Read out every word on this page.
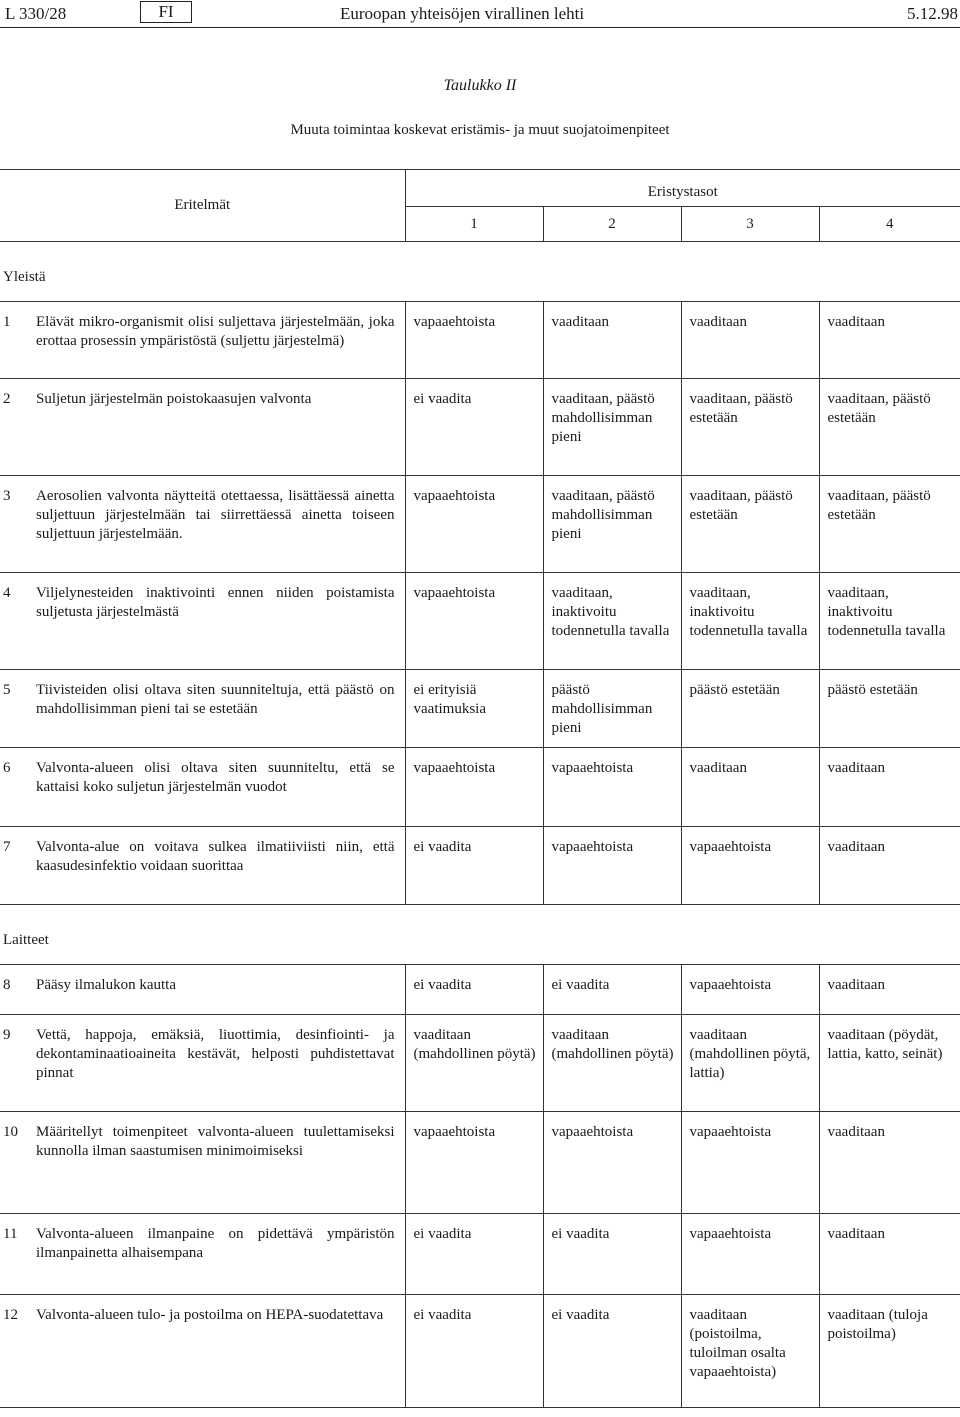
L 330/28	FI	Euroopan yhteisöjen virallinen lehti	5.12.98
Taulukko II
Muuta toimintaa koskevat eristämis- ja muut suojatoimenpiteet
Eritelmät		Eristystasot			
		1	2	3	4
Yleistä					
1	Elävät mikro-organismit olisi suljettava järjestelmään, joka erottaa prosessin ympäristöstä (suljettu järjestelmä)	vapaaehtoista	vaaditaan	vaaditaan	vaaditaan
2	Suljetun järjestelmän poistokaasujen valvonta	ei vaadita	vaaditaan, päästö mahdollisimman pieni	vaaditaan, päästö estetään	vaaditaan, päästö estetään
3	Aerosolien valvonta näytteitä otettaessa, lisättäessä ainetta suljettuun järjestelmään tai siirrettäessä ainetta toiseen suljettuun järjestelmään.	vapaaehtoista	vaaditaan, päästö mahdollisimman pieni	vaaditaan, päästö estetään	vaaditaan, päästö estetään
4	Viljelynesteiden inaktivointi ennen niiden poistamista suljetusta järjestelmästä	vapaaehtoista	vaaditaan, inaktivoitu todennetulla tavalla	vaaditaan, inaktivoitu todennetulla tavalla	vaaditaan, inaktivoitu todennetulla tavalla
5	Tiivisteiden olisi oltava siten suunniteltuja, että päästö on mahdollisimman pieni tai se estetään	ei erityisiä vaatimuksia	päästö mahdollisimman pieni	päästö estetään	päästö estetään
6	Valvonta-alueen olisi oltava siten suunniteltu, että se kattaisi koko suljetun järjestelmän vuodot	vapaaehtoista	vapaaehtoista	vaaditaan	vaaditaan
7	Valvonta-alue on voitava sulkea ilmatiiviisti niin, että kaasudesinfektio voidaan suorittaa	ei vaadita	vapaaehtoista	vapaaehtoista	vaaditaan
Laitteet					
8	Pääsy ilmalukon kautta	ei vaadita	ei vaadita	vapaaehtoista	vaaditaan
9	Vettä, happoja, emäksiä, liuottimia, desinfiointi- ja dekontaminaatioaineita kestävät, helposti puhdistettavat pinnat	vaaditaan (mahdollinen pöytä)	vaaditaan (mahdollinen pöytä)	vaaditaan (mahdollinen pöytä, lattia)	vaaditaan (pöydät, lattia, katto, seinät)
10	Määritellyt toimenpiteet valvonta-alueen tuulettamiseksi kunnolla ilman saastumisen minimoimiseksi	vapaaehtoista	vapaaehtoista	vapaaehtoista	vaaditaan
11	Valvonta-alueen ilmanpaine on pidettävä ympäristön ilmanpainetta alhaisempana	ei vaadita	ei vaadita	vapaaehtoista	vaaditaan
12	Valvonta-alueen tulo- ja postoilma on HEPA-suodatettava	ei vaadita	ei vaadita	vaaditaan (poistoilma, tuloilman osalta vapaaehtoista)	vaaditaan (tuloja poistoilma)
